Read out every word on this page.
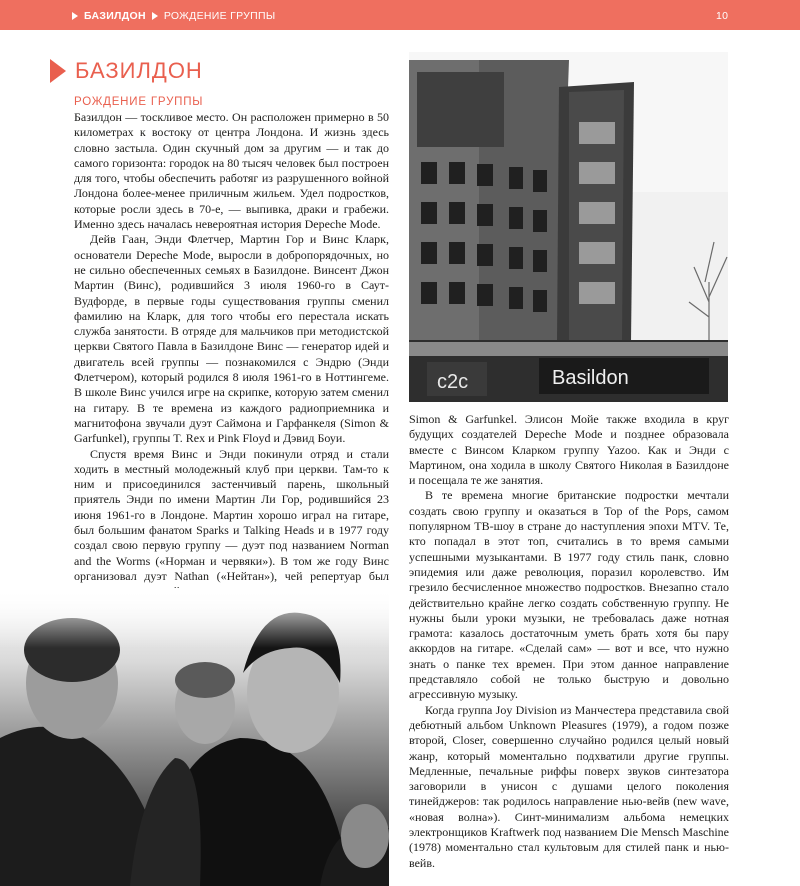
БАЗИЛДОН РОЖДЕНИЕ ГРУППЫ	10
БАЗИЛДОН
РОЖДЕНИЕ ГРУППЫ

Базилдон — тоскливое место. Он расположен примерно в 50 километрах к востоку от центра Лондона. И жизнь здесь словно застыла. Один скучный дом за другим — и так до самого горизонта: городок на 80 тысяч человек был построен для того, чтобы обеспечить работяг из разрушенного войной Лондона более-менее приличным жильем. Удел подростков, которые росли здесь в 70-е, — выпивка, драки и грабежи. Именно здесь началась невероятная история Depeche Mode.

Дейв Гаан, Энди Флетчер, Мартин Гор и Винс Кларк, основатели Depeche Mode, выросли в добропорядочных, но не сильно обеспеченных семьях в Базилдоне. Винсент Джон Мартин (Винс), родившийся 3 июля 1960-го в Саут-Вудфорде, в первые годы существования группы сменил фамилию на Кларк, для того чтобы его перестала искать служба занятости. В отряде для мальчиков при методистской церкви Святого Павла в Базилдоне Винс — генератор идей и двигатель всей группы — познакомился с Эндрю (Энди Флетчером), который родился 8 июля 1961-го в Ноттингеме. В школе Винс учился игре на скрипке, которую затем сменил на гитару. В те времена из каждого радиоприемника и магнитофона звучали дуэт Саймона и Гарфанкеля (Simon & Garfunkel), группы T. Rex и Pink Floyd и Дэвид Боуи.

Спустя время Винс и Энди покинули отряд и стали ходить в местный молодежный клуб при церкви. Там-то к ним и присоединился застенчивый парень, школьный приятель Энди по имени Мартин Ли Гор, родившийся 23 июня 1961-го в Лондоне. Мартин хорошо играл на гитаре, был большим фанатом Sparks и Talking Heads и в 1977 году создал свою первую группу — дуэт под названием Norman and the Worms («Норман и червяки»). В том же году Винс организовал дуэт Nathan («Нейтан»), чей репертуар был

c2c	Basildon

Simon & Garfunkel. Элисон Мойе также входила в круг будущих создателей Depeche Mode и позднее образовала вместе с Винсом Кларком группу Yazoo. Как и Энди с Мартином, она ходила в школу Святого Николая в Базилдоне и посещала те же занятия.

В те времена многие британские подростки мечтали создать свою группу и оказаться в Top of the Pops, самом популярном ТВ-шоу в стране до наступления эпохи MTV. Те, кто попадал в этот топ, считались в то время самыми успешными музыкантами. В 1977 году стиль панк, словно эпидемия или даже революция, поразил королевство. Им грезило бесчисленное множество подростков. Внезапно стало действительно крайне легко создать собственную группу. Не нужны были уроки музыки, не требовалась даже нотная грамота: казалось достаточным уметь брать хотя бы пару аккордов на гитаре. «Сделай сам» — вот и все, что нужно знать о панке тех времен. При этом данное направление представляло собой не только быструю и довольно агрессивную музыку.

Когда группа Joy Division из Манчестера представила свой дебютный альбом Unknown Pleasures (1979), а годом позже второй, Closer, совершенно случайно родился целый новый жанр, который моментально подхватили другие группы. Медленные, печальные риффы поверх звуков синтезатора заговорили в унисон с душами целого поколения тинейджеров: так родилось направление нью-вейв (new wave, «новая волна»). Синт-минимализм альбома немецких электронщиков Kraftwerk под названием Die Mensch Maschine (1978) моментально стал культовым для стилей панк и нью-вейв.
